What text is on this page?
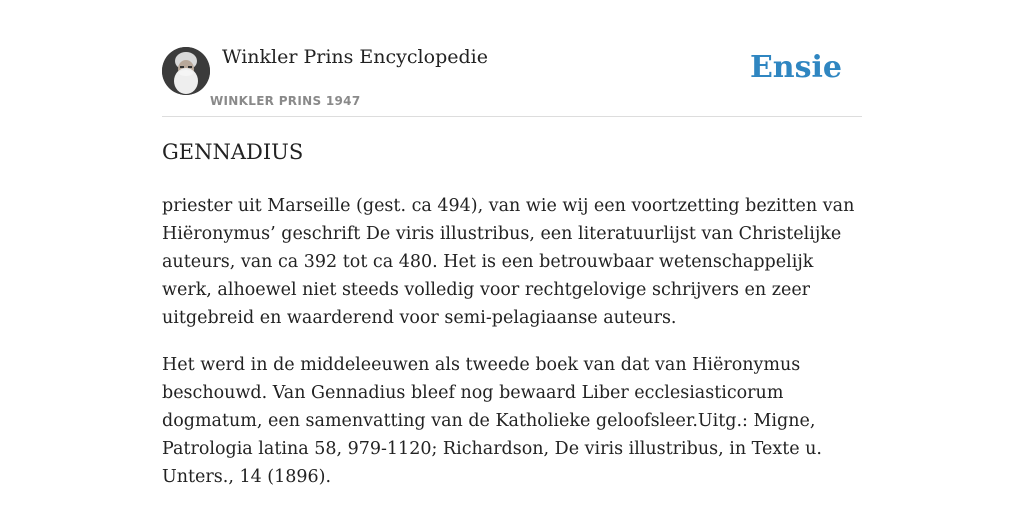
Winkler Prins Encyclopedie
WINKLER PRINS 1947
Ensie
GENNADIUS

priester uit Marseille (gest. ca 494), van wie wij een voortzetting bezitten van Hiëronymus’ geschrift De viris illustribus, een literatuurlijst van Christelijke auteurs, van ca 392 tot ca 480. Het is een betrouwbaar wetenschappelijk werk, alhoewel niet steeds volledig voor rechtgelovige schrijvers en zeer uitgebreid en waarderend voor semi-pelagiaanse auteurs.

Het werd in de middeleeuwen als tweede boek van dat van Hiëronymus beschouwd. Van Gennadius bleef nog bewaard Liber ecclesiasticorum dogmatum, een samenvatting van de Katholieke geloofsleer.Uitg.: Migne, Patrologia latina 58, 979-1120; Richardson, De viris illustribus, in Texte u. Unters., 14 (1896).
